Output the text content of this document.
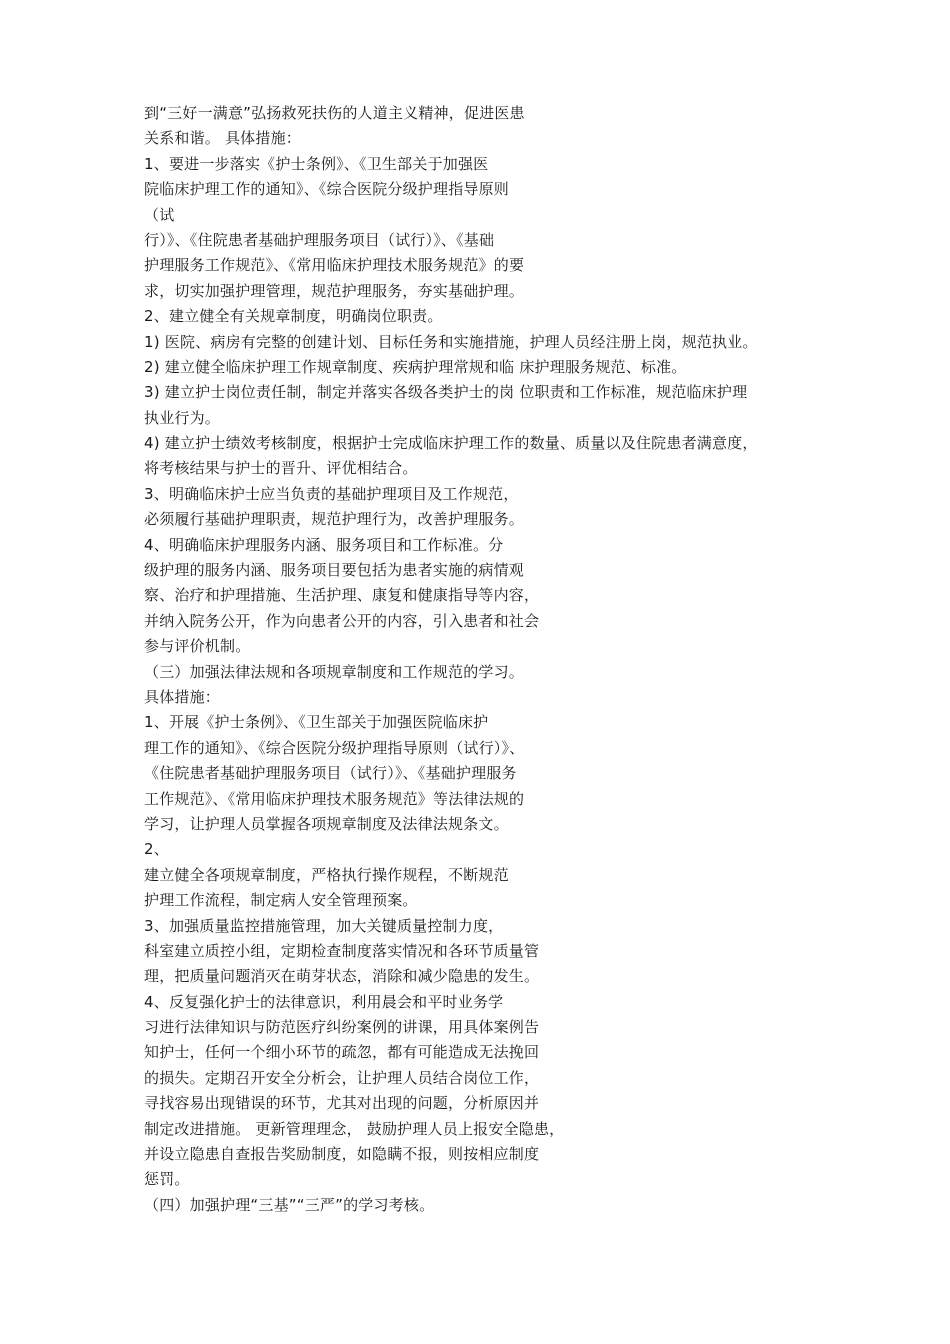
到“三好一满意”弘扬救死扶伤的人道主义精神，促进医患
关系和谐。 具体措施：
1、要进一步落实《护士条例》、《卫生部关于加强医
院临床护理工作的通知》、《综合医院分级护理指导原则
（试
行）》、《住院患者基础护理服务项目（试行）》、《基础
护理服务工作规范》、《常用临床护理技术服务规范》的要
求，切实加强护理管理，规范护理服务，夯实基础护理。
2、建立健全有关规章制度，明确岗位职责。
1) 医院、病房有完整的创建计划、目标任务和实施措施，护理人员经注册上岗，规范执业。
2) 建立健全临床护理工作规章制度、疾病护理常规和临 床护理服务规范、标准。
3) 建立护士岗位责任制，制定并落实各级各类护士的岗 位职责和工作标准，规范临床护理
执业行为。
4) 建立护士绩效考核制度，根据护士完成临床护理工作的数量、质量以及住院患者满意度，
将考核结果与护士的晋升、评优相结合。
3、明确临床护士应当负责的基础护理项目及工作规范，
必须履行基础护理职责，规范护理行为，改善护理服务。
4、明确临床护理服务内涵、服务项目和工作标准。分
级护理的服务内涵、服务项目要包括为患者实施的病情观
察、治疗和护理措施、生活护理、康复和健康指导等内容，
并纳入院务公开，作为向患者公开的内容，引入患者和社会
参与评价机制。
（三）加强法律法规和各项规章制度和工作规范的学习。
具体措施：
1、开展《护士条例》、《卫生部关于加强医院临床护
理工作的通知》、《综合医院分级护理指导原则（试行）》、
《住院患者基础护理服务项目（试行）》、《基础护理服务
工作规范》、《常用临床护理技术服务规范》等法律法规的
学习，让护理人员掌握各项规章制度及法律法规条文。
2、
建立健全各项规章制度，严格执行操作规程，不断规范
护理工作流程，制定病人安全管理预案。
3、加强质量监控措施管理，加大关键质量控制力度，
科室建立质控小组，定期检查制度落实情况和各环节质量管
理，把质量问题消灭在萌芽状态，消除和减少隐患的发生。
4、反复强化护士的法律意识，利用晨会和平时业务学
习进行法律知识与防范医疗纠纷案例的讲课，用具体案例告
知护士，任何一个细小环节的疏忽，都有可能造成无法挽回
的损失。定期召开安全分析会，让护理人员结合岗位工作，
寻找容易出现错误的环节，尤其对出现的问题，分析原因并
制定改进措施。 更新管理理念， 鼓励护理人员上报安全隐患，
并设立隐患自查报告奖励制度，如隐瞒不报，则按相应制度
惩罚。
（四）加强护理“三基”“三严”的学习考核。
